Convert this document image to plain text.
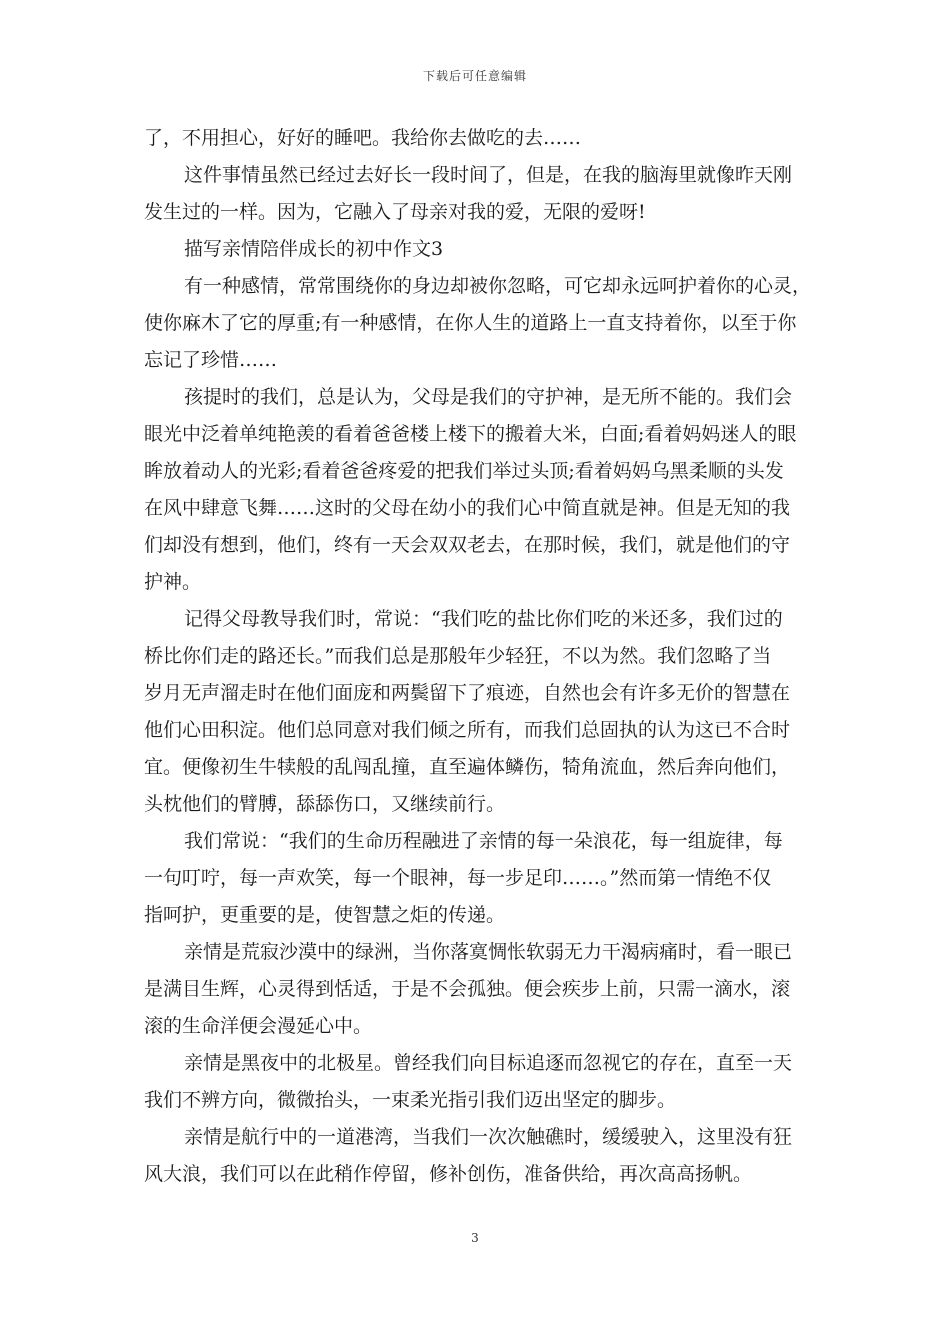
下载后可任意编辑
了，不用担心，好好的睡吧。我给你去做吃的去……
这件事情虽然已经过去好长一段时间了，但是，在我的脑海里就像昨天刚
发生过的一样。因为，它融入了母亲对我的爱，无限的爱呀!
描写亲情陪伴成长的初中作文3
有一种感情，常常围绕你的身边却被你忽略，可它却永远呵护着你的心灵，
使你麻木了它的厚重;有一种感情，在你人生的道路上一直支持着你，以至于你
忘记了珍惜……
孩提时的我们，总是认为，父母是我们的守护神，是无所不能的。我们会
眼光中泛着单纯艳羡的看着爸爸楼上楼下的搬着大米，白面;看着妈妈迷人的眼
眸放着动人的光彩;看着爸爸疼爱的把我们举过头顶;看着妈妈乌黑柔顺的头发
在风中肆意飞舞……这时的父母在幼小的我们心中简直就是神。但是无知的我
们却没有想到，他们，终有一天会双双老去，在那时候，我们，就是他们的守
护神。
记得父母教导我们时，常说：“我们吃的盐比你们吃的米还多，我们过的
桥比你们走的路还长。”而我们总是那般年少轻狂，不以为然。我们忽略了当
岁月无声溜走时在他们面庞和两鬓留下了痕迹，自然也会有许多无价的智慧在
他们心田积淀。他们总同意对我们倾之所有，而我们总固执的认为这已不合时
宜。便像初生牛犊般的乱闯乱撞，直至遍体鳞伤，犄角流血，然后奔向他们，
头枕他们的臂膊，舔舔伤口，又继续前行。
我们常说：“我们的生命历程融进了亲情的每一朵浪花，每一组旋律，每
一句叮咛，每一声欢笑，每一个眼神，每一步足印……。”然而第一情绝不仅
指呵护，更重要的是，使智慧之炬的传递。
亲情是荒寂沙漠中的绿洲，当你落寞惆怅软弱无力干渴病痛时，看一眼已
是满目生辉，心灵得到恬适，于是不会孤独。便会疾步上前，只需一滴水，滚
滚的生命洋便会漫延心中。
亲情是黑夜中的北极星。曾经我们向目标追逐而忽视它的存在，直至一天
我们不辨方向，微微抬头，一束柔光指引我们迈出坚定的脚步。
亲情是航行中的一道港湾，当我们一次次触礁时，缓缓驶入，这里没有狂
风大浪，我们可以在此稍作停留，修补创伤，准备供给，再次高高扬帆。
3
